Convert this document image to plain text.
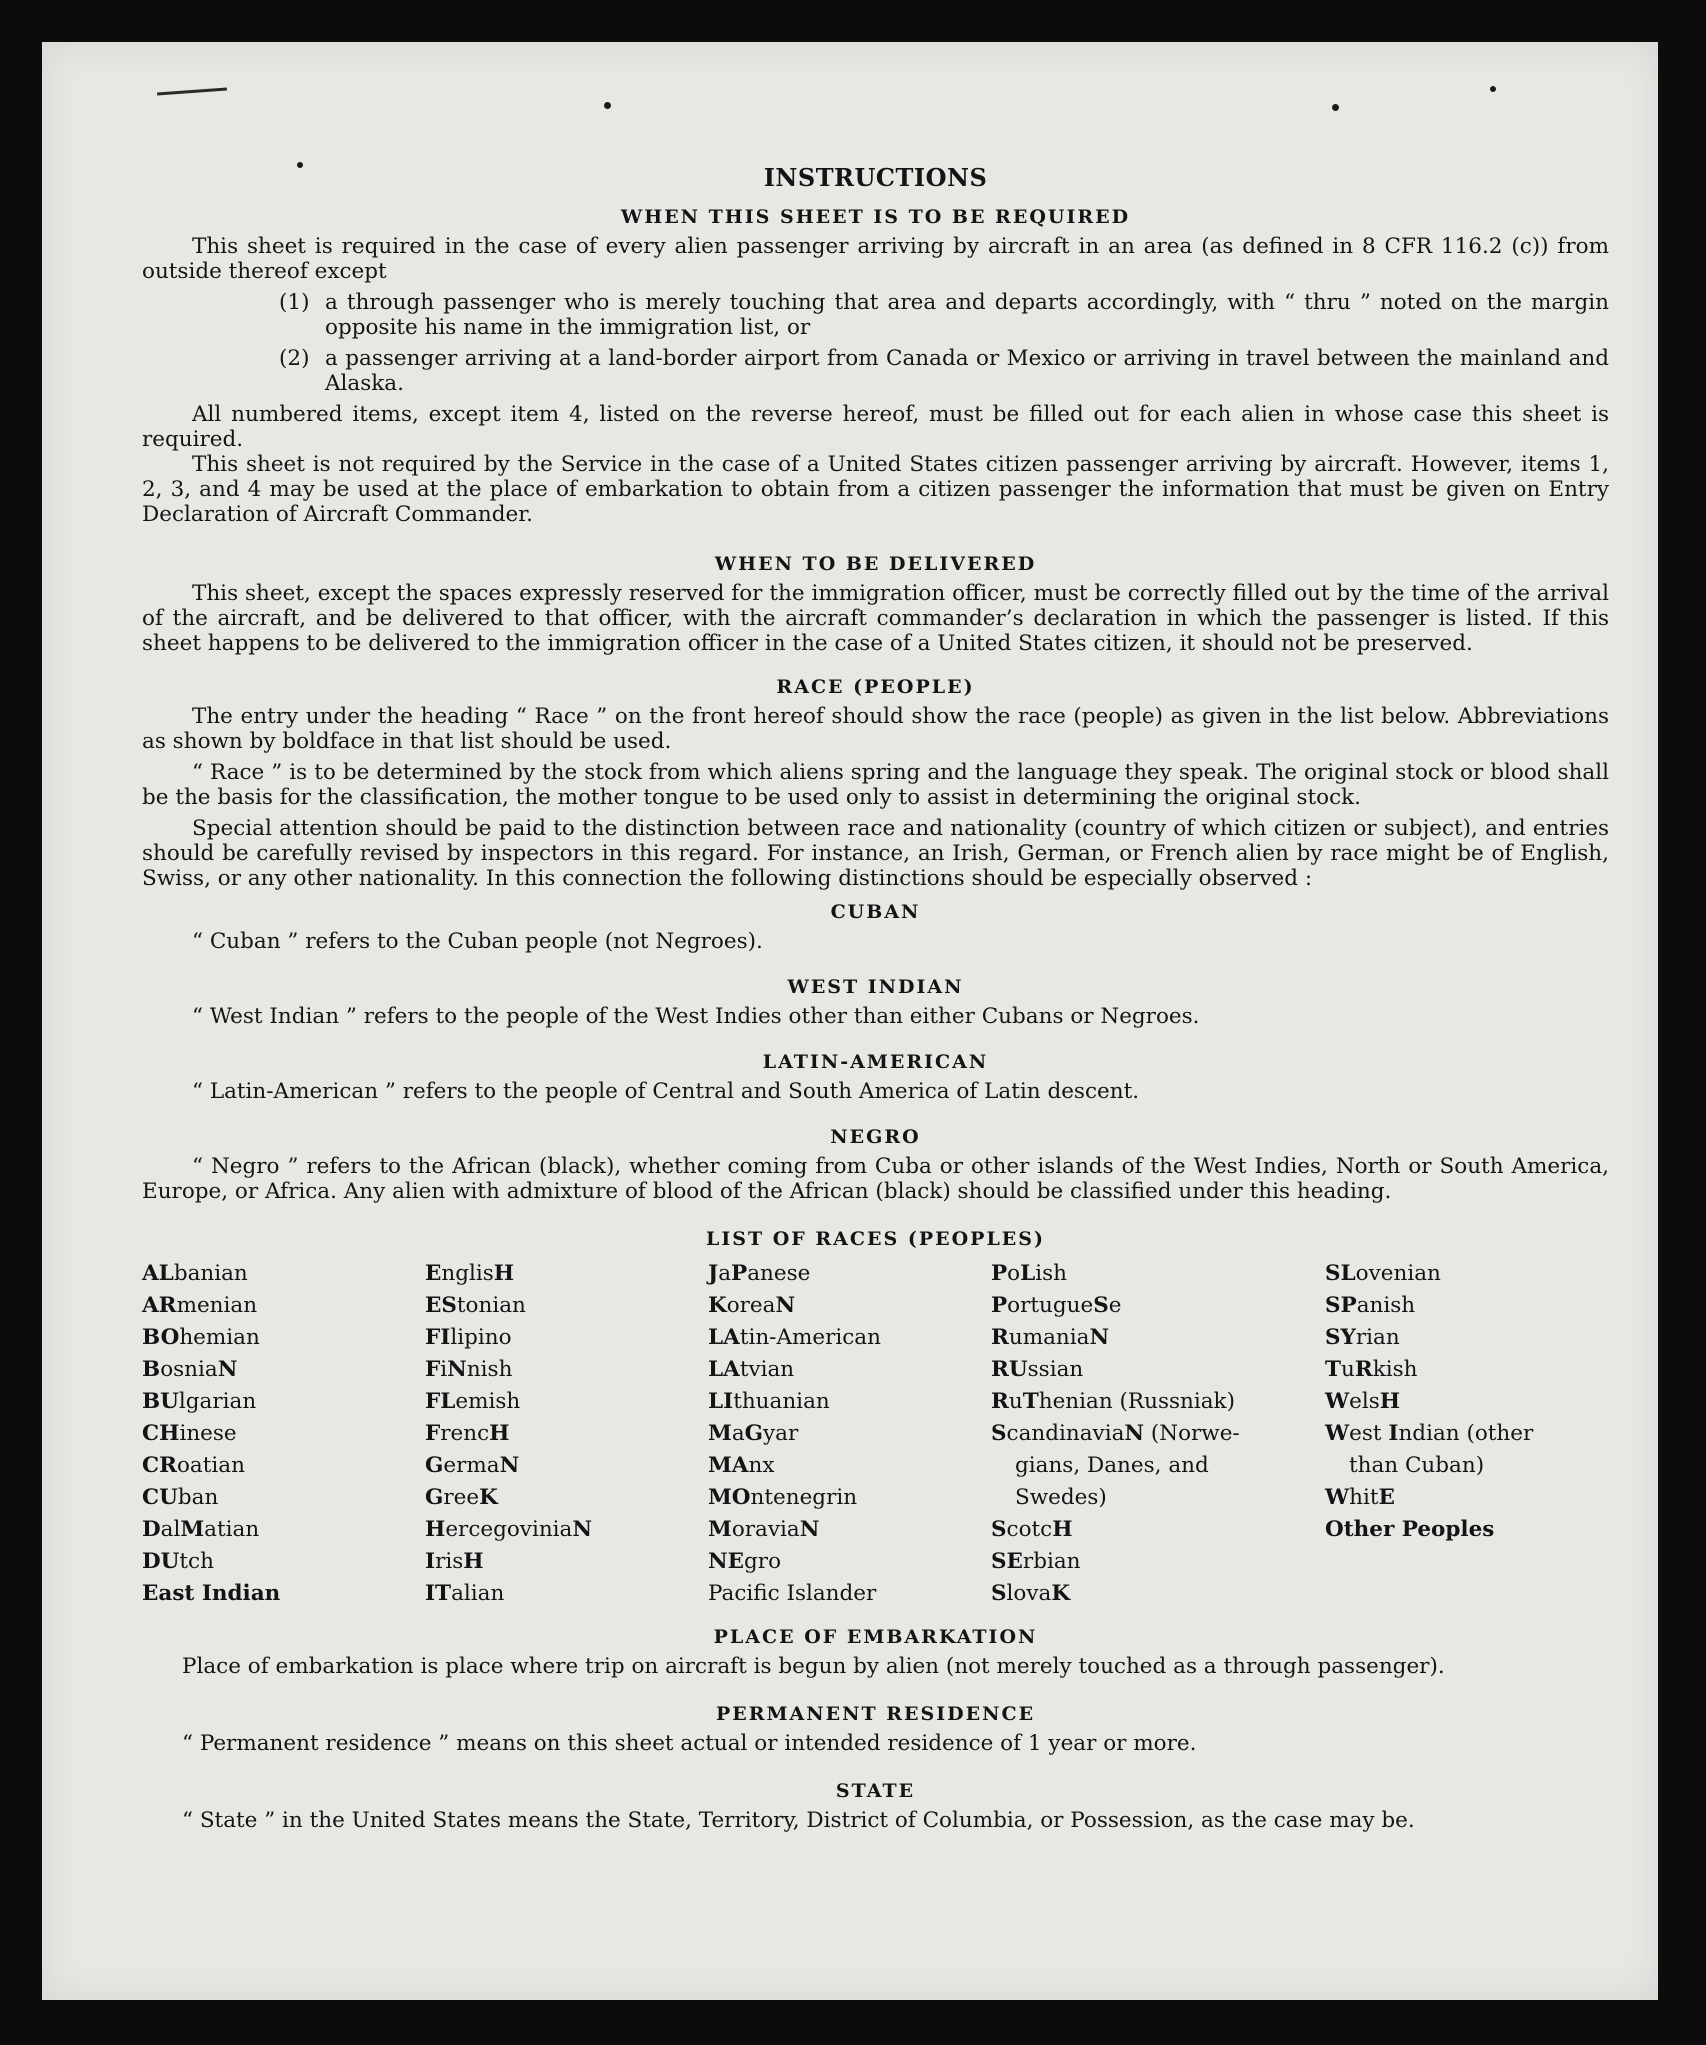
INSTRUCTIONS
WHEN THIS SHEET IS TO BE REQUIRED

This sheet is required in the case of every alien passenger arriving by aircraft in an area (as defined in 8 CFR 116.2 (c)) from outside thereof except

(1) a through passenger who is merely touching that area and departs accordingly, with “ thru ” noted on the margin opposite his name in the immigration list, or
(2) a passenger arriving at a land-border airport from Canada or Mexico or arriving in travel between the mainland and Alaska.

All numbered items, except item 4, listed on the reverse hereof, must be filled out for each alien in whose case this sheet is required.

This sheet is not required by the Service in the case of a United States citizen passenger arriving by aircraft. However, items 1, 2, 3, and 4 may be used at the place of embarkation to obtain from a citizen passenger the information that must be given on Entry Declaration of Aircraft Commander.

WHEN TO BE DELIVERED

This sheet, except the spaces expressly reserved for the immigration officer, must be correctly filled out by the time of the arrival of the aircraft, and be delivered to that officer, with the aircraft commander’s declaration in which the passenger is listed. If this sheet happens to be delivered to the immigration officer in the case of a United States citizen, it should not be preserved.

RACE (PEOPLE)

The entry under the heading “ Race ” on the front hereof should show the race (people) as given in the list below. Abbreviations as shown by boldface in that list should be used.

“ Race ” is to be determined by the stock from which aliens spring and the language they speak. The original stock or blood shall be the basis for the classification, the mother tongue to be used only to assist in determining the original stock.

Special attention should be paid to the distinction between race and nationality (country of which citizen or subject), and entries should be carefully revised by inspectors in this regard. For instance, an Irish, German, or French alien by race might be of English, Swiss, or any other nationality. In this connection the following distinctions should be especially observed :

CUBAN

“ Cuban ” refers to the Cuban people (not Negroes).

WEST INDIAN

“ West Indian ” refers to the people of the West Indies other than either Cubans or Negroes.

LATIN-AMERICAN

“ Latin-American ” refers to the people of Central and South America of Latin descent.

NEGRO

“ Negro ” refers to the African (black), whether coming from Cuba or other islands of the West Indies, North or South America, Europe, or Africa. Any alien with admixture of blood of the African (black) should be classified under this heading.

LIST OF RACES (PEOPLES)
ALbanian
ARmenian
BOhemian
BosniaN
BUlgarian
CHinese
CRoatian
CUban
DalMatian
DUtch
East Indian
EnglisH
EStonian
FIlipino
FiNnish
FLemish
FrencH
GermaN
GreeK
HercegoviniaN
IrisH
ITalian
JaPanese
KoreaN
LAtin-American
LAtvian
LIthuanian
MaGyar
MAnx
MOntenegrin
MoraviaN
NEgro
Pacific Islander
PoLish
PortugueSe
RumaniaN
RUssian
RuThenian (Russniak)
ScandinaviaN (Norwe-
gians, Danes, and
Swedes)
ScotcH
SErbian
SlovaK
SLovenian
SPanish
SYrian
TuRkish
WelsH
West Indian (other
than Cuban)
WhitE
Other Peoples
PLACE OF EMBARKATION

Place of embarkation is place where trip on aircraft is begun by alien (not merely touched as a through passenger).

PERMANENT RESIDENCE

“ Permanent residence ” means on this sheet actual or intended residence of 1 year or more.

STATE

“ State ” in the United States means the State, Territory, District of Columbia, or Possession, as the case may be.
